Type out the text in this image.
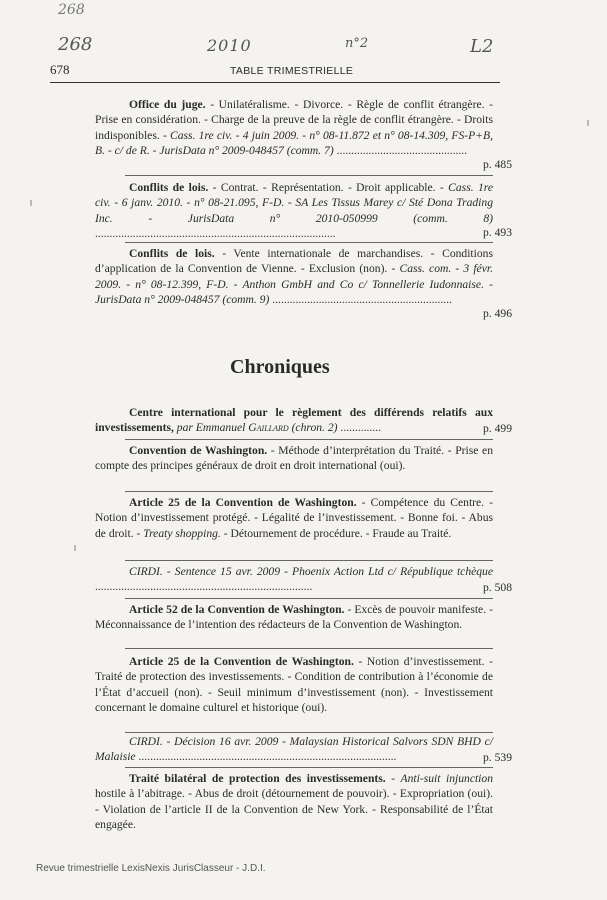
268
268	2010	n°2	L2
678	TABLE TRIMESTRIELLE
Office du juge. - Unilatéralisme. - Divorce. - Règle de conflit étrangère. - Prise en considération. - Charge de la preuve de la règle de conflit étrangère. - Droits indisponibles. - Cass. 1re civ. - 4 juin 2009. - n° 08-11.872 et n° 08-14.309, FS-P+B, B. - c/ de R. - JurisData n° 2009-048457 (comm. 7) .............................................
p. 485
Conflits de lois. - Contrat. - Représentation. - Droit applicable. - Cass. 1re civ. - 6 janv. 2010. - n° 08-21.095, F-D. - SA Les Tissus Marey c/ Sté Dona Trading Inc. - JurisData n° 2010-050999 (comm. 8) ...................................................................................	p. 493
Conflits de lois. - Vente internationale de marchandises. - Conditions d’application de la Convention de Vienne. - Exclusion (non). - Cass. com. - 3 févr. 2009. - n° 08-12.399, F-D. - Anthon GmbH and Co c/ Tonnellerie Iudonnaise. - JurisData n° 2009-048457 (comm. 9) ..............................................................
p. 496
Chroniques
Centre international pour le règlement des différends relatifs aux investissements, par Emmanuel Gaillard (chron. 2) ..............	p. 499
Convention de Washington. - Méthode d’interprétation du Traité. - Prise en compte des principes généraux de droit en droit international (oui).
Article 25 de la Convention de Washington. - Compétence du Centre. - Notion d’investissement protégé. - Légalité de l’investissement. - Bonne foi. - Abus de droit. - Treaty shopping. - Détournement de procédure. - Fraude au Traité.
CIRDI. - Sentence 15 avr. 2009 - Phoenix Action Ltd c/ République tchèque ...........................................................................	p. 508
Article 52 de la Convention de Washington. - Excès de pouvoir manifeste. - Méconnaissance de l’intention des rédacteurs de la Convention de Washington.
Article 25 de la Convention de Washington. - Notion d’investissement. - Traité de protection des investissements. - Condition de contribution à l’économie de l’État d’accueil (non). - Seuil minimum d’investissement (non). - Investissement concernant le domaine culturel et historique (oui).
CIRDI. - Décision 16 avr. 2009 - Malaysian Historical Salvors SDN BHD c/ Malaisie .........................................................................................	p. 539
Traité bilatéral de protection des investissements. - Anti-suit injunction hostile à l’abitrage. - Abus de droit (détournement de pouvoir). - Expropriation (oui). - Violation de l’article II de la Convention de New York. - Responsabilité de l’État engagée.
Revue trimestrielle LexisNexis JurisClasseur - J.D.I.
